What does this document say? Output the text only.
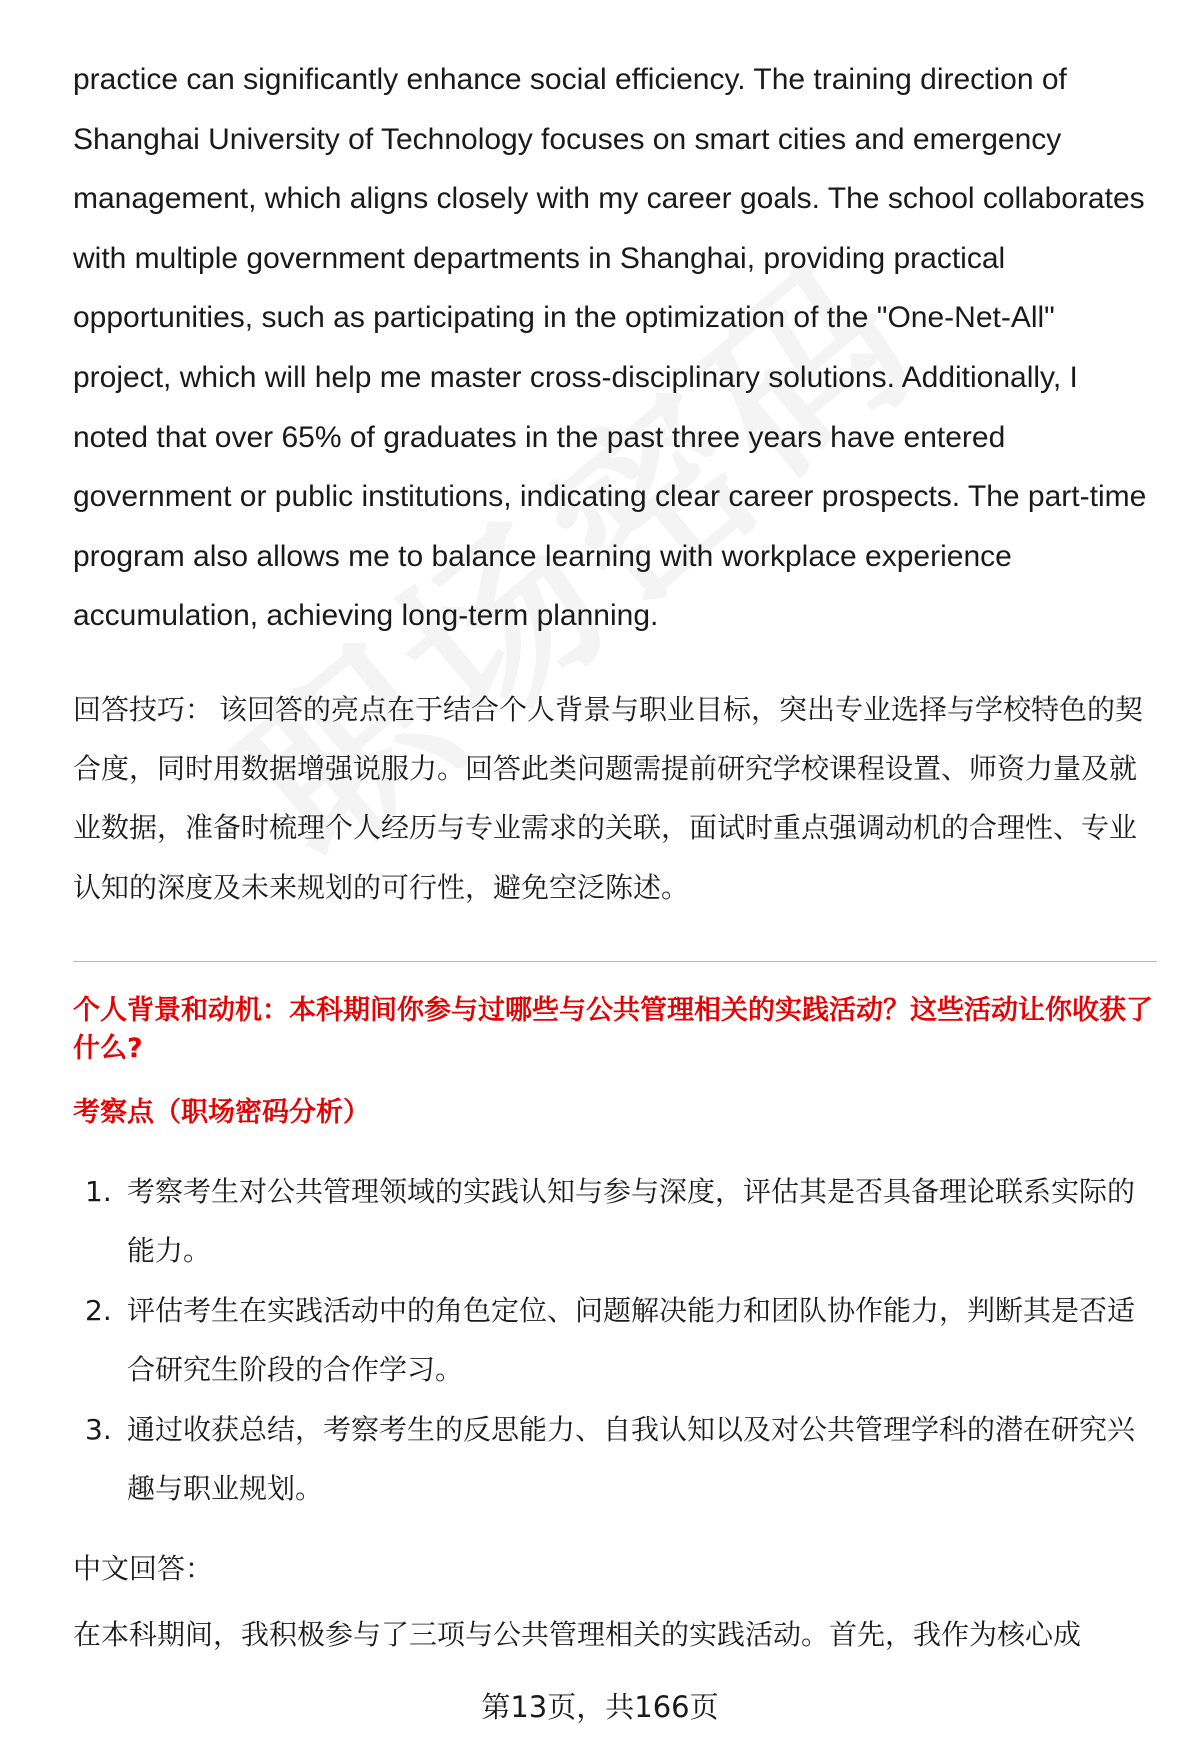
practice can significantly enhance social efficiency. The training direction of Shanghai University of Technology focuses on smart cities and emergency management, which aligns closely with my career goals. The school collaborates with multiple government departments in Shanghai, providing practical opportunities, such as participating in the optimization of the "One-Net-All" project, which will help me master cross-disciplinary solutions. Additionally, I noted that over 65% of graduates in the past three years have entered government or public institutions, indicating clear career prospects. The part-time program also allows me to balance learning with workplace experience accumulation, achieving long-term planning.

回答技巧： 该回答的亮点在于结合个人背景与职业目标，突出专业选择与学校特色的契合度，同时用数据增强说服力。回答此类问题需提前研究学校课程设置、师资力量及就业数据，准备时梳理个人经历与专业需求的关联，面试时重点强调动机的合理性、专业认知的深度及未来规划的可行性，避免空泛陈述。
个人背景和动机：本科期间你参与过哪些与公共管理相关的实践活动？这些活动让你收获了什么?
考察点（职场密码分析）
1. 考察考生对公共管理领域的实践认知与参与深度，评估其是否具备理论联系实际的能力。
2. 评估考生在实践活动中的角色定位、问题解决能力和团队协作能力，判断其是否适合研究生阶段的合作学习。
3. 通过收获总结，考察考生的反思能力、自我认知以及对公共管理学科的潜在研究兴趣与职业规划。
中文回答：
在本科期间，我积极参与了三项与公共管理相关的实践活动。首先，我作为核心成
第13页，共166页
